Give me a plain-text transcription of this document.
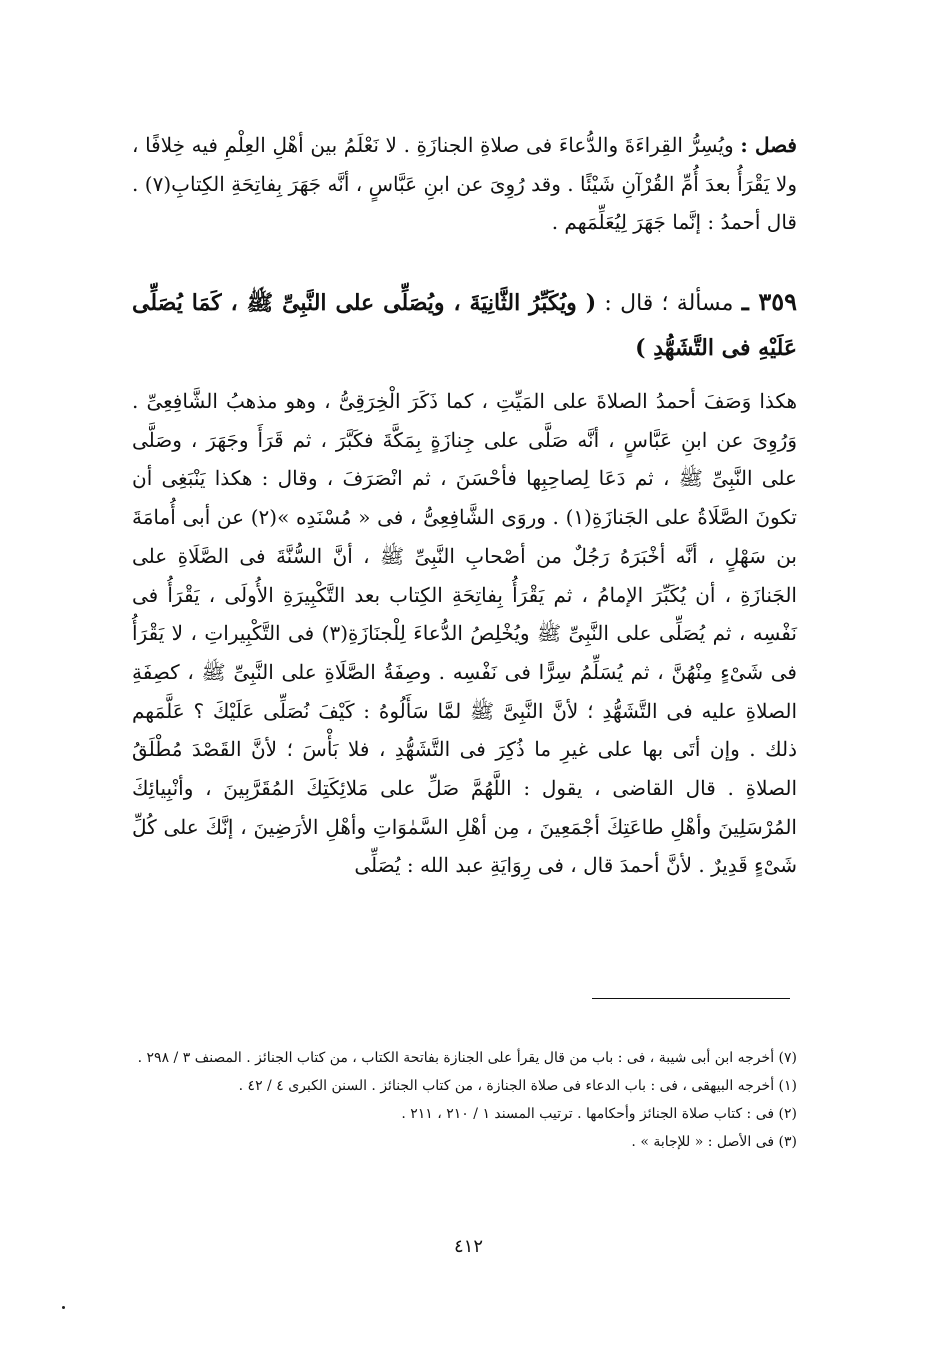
فصل : ويُسِرُّ القِراءَةَ والدُّعاءَ فى صلاةِ الجنازَةِ . لا نَعْلَمُ بين أهْلِ العِلْمِ فيه خِلافًا ، ولا يَقْرَأُ بعدَ أُمِّ القُرْآنِ شَيْئًا . وقد رُوِىَ عن ابنِ عَبَّاسٍ ، أنَّه جَهَرَ بِفاتِحَةِ الكِتابِ(٧) . قال أحمدُ : إنَّما جَهَرَ لِيُعَلِّمَهم .

٣٥٩ ـ مسألة ؛ قال : ( ويُكَبِّرُ الثَّانِيَةَ ، ويُصَلِّى على النَّبِىِّ ﷺ ، كَمَا يُصَلِّى عَلَيْهِ فى التَّشَهُّدِ )

هكذا وَصَفَ أحمدُ الصلاةَ على المَيِّتِ ، كما ذَكَرَ الْخِرَقِىُّ ، وهو مذهبُ الشَّافِعِىِّ . وَرُوِىَ عن ابنِ عَبَّاسٍ ، أنَّه صَلَّى على جِنازَةٍ بِمَكَّةَ فكَبَّرَ ، ثم قَرَأَ وجَهَرَ ، وصَلَّى على النَّبِىِّ ﷺ ، ثم دَعَا لِصاحِبِها فأحْسَنَ ، ثم انْصَرَفَ ، وقال : هكذا يَنْبَغِى أن تكونَ الصَّلَاةُ على الجَنازَةِ(١) . وروَى الشَّافِعِىُّ ، فى « مُسْنَدِه »(٢) عن أبى أُمامَةَ بن سَهْلٍ ، أنَّه أخْبَرَهُ رَجُلٌ من أصْحابِ النَّبِىِّ ﷺ ، أنَّ السُّنَّةَ فى الصَّلَاةِ على الجَنازَةِ ، أن يُكَبِّرَ الإمامُ ، ثم يَقْرَأُ بِفاتِحَةِ الكِتاب بعد التَّكْبِيرَةِ الأُولَى ، يَقْرَأُ فى نَفْسِه ، ثم يُصَلِّى على النَّبِىِّ ﷺ ويُخْلِصُ الدُّعاءَ لِلْجنَازَةِ(٣) فى التَّكْبِيراتِ ، لا يَقْرَأُ فى شَىْءٍ مِنْهُنَّ ، ثم يُسَلِّمُ سِرًّا فى نَفْسِه . وصِفَةُ الصَّلَاةِ على النَّبِىِّ ﷺ ، كصِفَةِ الصلاةِ عليه فى التَّشَهُّدِ ؛ لأنَّ النَّبِىَّ ﷺ لمَّا سَأَلُوهُ : كَيْفَ نُصَلِّى عَلَيْكَ ؟ عَلَّمَهم ذلك . وإن أتَى بها على غيرِ ما ذُكِرَ فى التَّشَهُّدِ ، فلا بَأْسَ ؛ لأنَّ القَصْدَ مُطْلَقُ الصلاةِ . قال القاضى ، يقول : اللَّهُمَّ صَلِّ على مَلائِكَتِكَ المُقَرَّبِينَ ، وأنْبِيائِكَ المُرْسَلِينَ وأهْلِ طاعَتِكَ أجْمَعِينَ ، مِن أهْلِ السَّمٰوَاتِ وأهْلِ الأرَضِينَ ، إنَّكَ على كُلِّ شَىْءٍ قَدِيرٌ . لأنَّ أحمدَ قال ، فى رِوَايَةِ عبد الله : يُصَلِّى

(٧) أخرجه ابن أبى شيبة ، فى : باب من قال يقرأ على الجنازة بفاتحة الكتاب ، من كتاب الجنائز . المصنف ٣ / ٢٩٨ .

(١) أخرجه البيهقى ، فى : باب الدعاء فى صلاة الجنازة ، من كتاب الجنائز . السنن الكبرى ٤ / ٤٢ .

(٢) فى : كتاب صلاة الجنائز وأحكامها . ترتيب المسند ١ / ٢١٠ ، ٢١١ .

(٣) فى الأصل : « للإجابة » .

٤١٢
